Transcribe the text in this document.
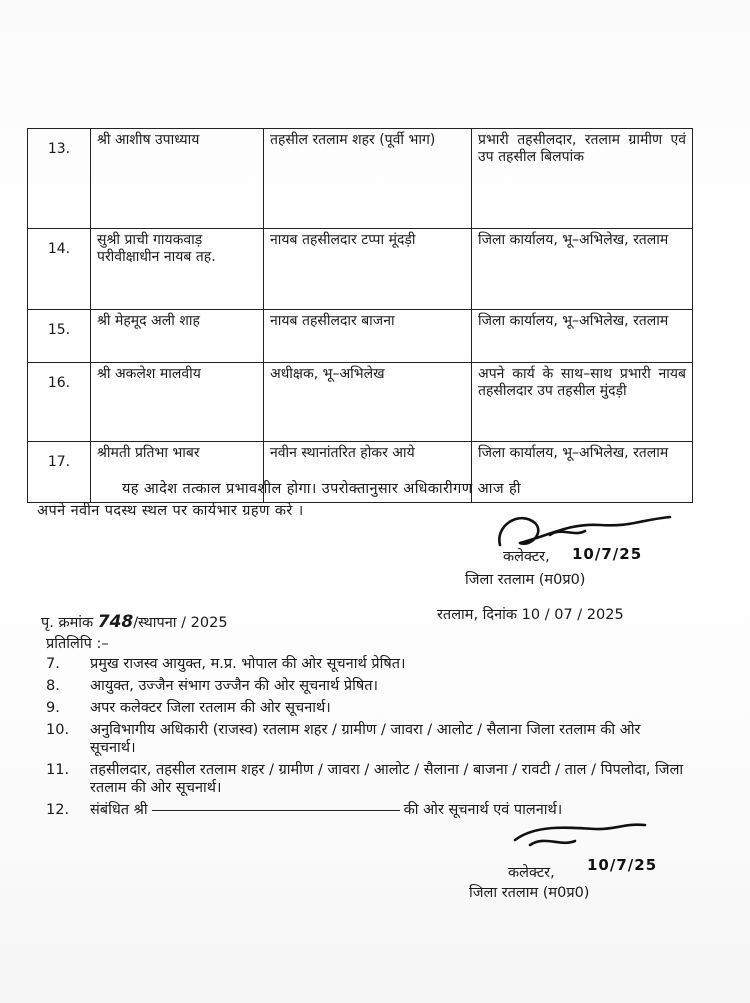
13.	श्री आशीष उपाध्याय	तहसील रतलाम शहर (पूर्वी भाग)	प्रभारी तहसीलदार, रतलाम ग्रामीण एवं उप तहसील बिलपांक
14.	सुश्री प्राची गायकवाड़ परीवीक्षाधीन नायब तह.	नायब तहसीलदार टप्पा मूंदड़ी	जिला कार्यालय, भू–अभिलेख, रतलाम
15.	श्री मेहमूद अली शाह	नायब तहसीलदार बाजना	जिला कार्यालय, भू–अभिलेख, रतलाम
16.	श्री अकलेश मालवीय	अधीक्षक, भू–अभिलेख	अपने कार्य के साथ–साथ प्रभारी नायब तहसीलदार उप तहसील मुंदड़ी
17.	श्रीमती प्रतिभा भाबर	नवीन स्थानांतरित होकर आये	जिला कार्यालय, भू–अभिलेख, रतलाम
यह आदेश तत्काल प्रभावशील होगा। उपरोक्तानुसार अधिकारीगण आज ही
अपने नवीन पदस्थ स्थल पर कार्यभार ग्रहण करे ।
10/7/25
कलेक्टर,
जिला रतलाम (म0प्र0)
पृ. क्रमांक 748/स्थापना / 2025	रतलाम, दिनांक 10 / 07 / 2025
प्रतिलिपि :–
7.	प्रमुख राजस्व आयुक्त, म.प्र. भोपाल की ओर सूचनार्थ प्रेषित।
8.	आयुक्त, उज्जैन संभाग उज्जैन की ओर सूचनार्थ प्रेषित।
9.	अपर कलेक्टर जिला रतलाम की ओर सूचनार्थ।
10.	अनुविभागीय अधिकारी (राजस्व) रतलाम शहर / ग्रामीण / जावरा / आलोट / सैलाना जिला रतलाम की ओर सूचनार्थ।
11.	तहसीलदार, तहसील रतलाम शहर / ग्रामीण / जावरा / आलोट / सैलाना / बाजना / रावटी / ताल / पिपलोदा, जिला रतलाम की ओर सूचनार्थ।
12.	संबंधित श्री	की ओर सूचनार्थ एवं पालनार्थ।
10/7/25
कलेक्टर,
जिला रतलाम (म0प्र0)
